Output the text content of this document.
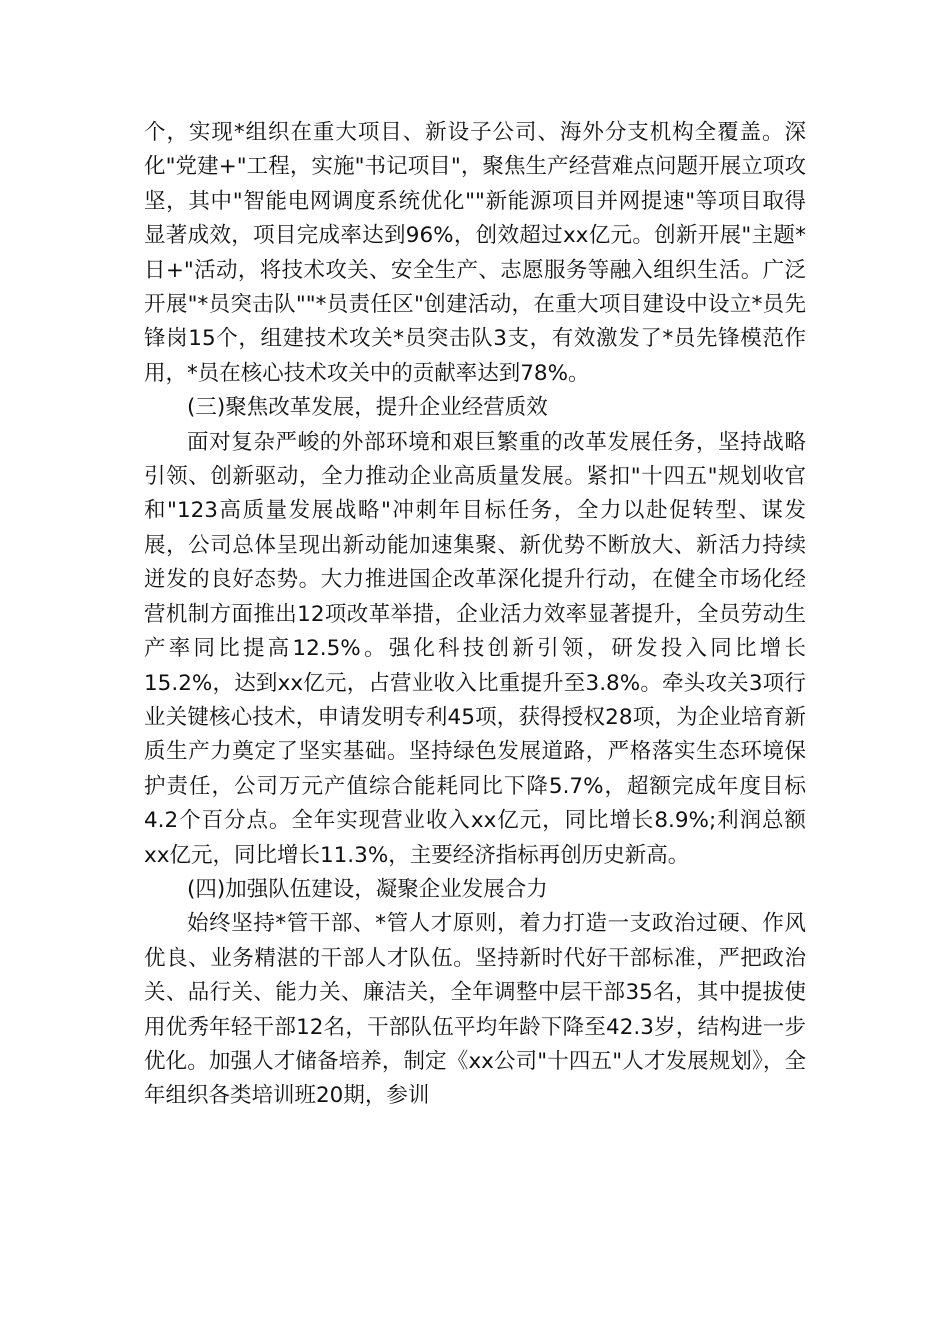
个，实现*组织在重大项目、新设子公司、海外分支机构全覆盖。深化"党建+"工程，实施"书记项目"，聚焦生产经营难点问题开展立项攻坚，其中"智能电网调度系统优化""新能源项目并网提速"等项目取得显著成效，项目完成率达到96%，创效超过xx亿元。创新开展"主题*日+"活动，将技术攻关、安全生产、志愿服务等融入组织生活。广泛开展"*员突击队""*员责任区"创建活动，在重大项目建设中设立*员先锋岗15个，组建技术攻关*员突击队3支，有效激发了*员先锋模范作用，*员在核心技术攻关中的贡献率达到78%。

(三)聚焦改革发展，提升企业经营质效

面对复杂严峻的外部环境和艰巨繁重的改革发展任务，坚持战略引领、创新驱动，全力推动企业高质量发展。紧扣"十四五"规划收官和"123高质量发展战略"冲刺年目标任务，全力以赴促转型、谋发展，公司总体呈现出新动能加速集聚、新优势不断放大、新活力持续迸发的良好态势。大力推进国企改革深化提升行动，在健全市场化经营机制方面推出12项改革举措，企业活力效率显著提升，全员劳动生产率同比提高12.5%。强化科技创新引领，研发投入同比增长15.2%，达到xx亿元，占营业收入比重提升至3.8%。牵头攻关3项行业关键核心技术，申请发明专利45项，获得授权28项，为企业培育新质生产力奠定了坚实基础。坚持绿色发展道路，严格落实生态环境保护责任，公司万元产值综合能耗同比下降5.7%，超额完成年度目标4.2个百分点。全年实现营业收入xx亿元，同比增长8.9%;利润总额xx亿元，同比增长11.3%，主要经济指标再创历史新高。

(四)加强队伍建设，凝聚企业发展合力

始终坚持*管干部、*管人才原则，着力打造一支政治过硬、作风优良、业务精湛的干部人才队伍。坚持新时代好干部标准，严把政治关、品行关、能力关、廉洁关，全年调整中层干部35名，其中提拔使用优秀年轻干部12名，干部队伍平均年龄下降至42.3岁，结构进一步优化。加强人才储备培养，制定《xx公司"十四五"人才发展规划》，全年组织各类培训班20期，参训
